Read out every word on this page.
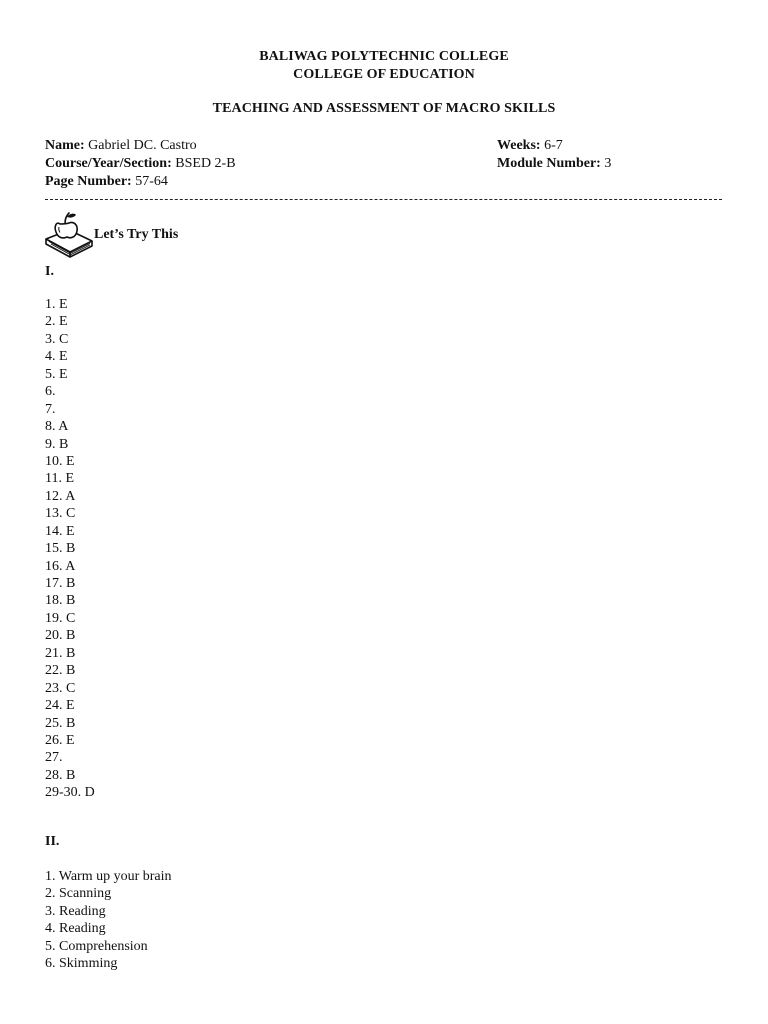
BALIWAG POLYTECHNIC COLLEGE
COLLEGE OF EDUCATION
TEACHING AND ASSESSMENT OF MACRO SKILLS
Name: Gabriel DC. Castro
Course/Year/Section: BSED 2-B
Page Number: 57-64
Weeks: 6-7
Module Number: 3
Let’s Try This
I.
1. E
2. E
3. C
4. E
5. E
6.
7.
8. A
9. B
10. E
11. E
12. A
13. C
14. E
15. B
16. A
17. B
18. B
19. C
20. B
21. B
22. B
23. C
24. E
25. B
26. E
27.
28. B
29-30. D
II.
1. Warm up your brain
2. Scanning
3. Reading
4. Reading
5. Comprehension
6. Skimming
